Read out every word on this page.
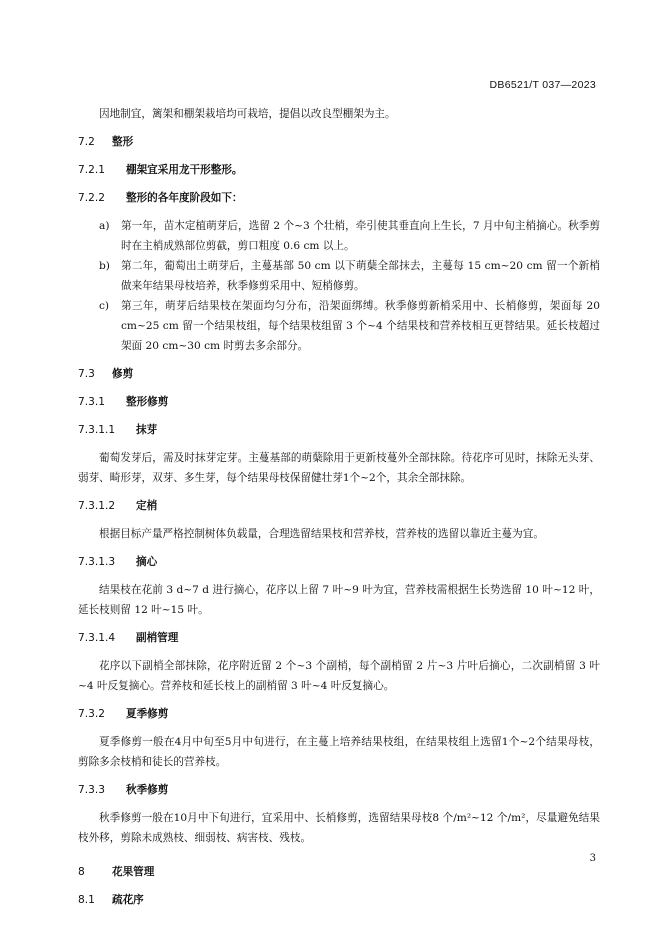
DB6521/T 037—2023

因地制宜，篱架和棚架栽培均可栽培，提倡以改良型棚架为主。

7.2	整形
7.2.1	棚架宜采用龙干形整形。
7.2.2	整形的各年度阶段如下：
a)	第一年，苗木定植萌芽后，选留 2 个~3 个壮梢，牵引使其垂直向上生长，7 月中旬主梢摘心。秋季剪时在主梢成熟部位剪截，剪口粗度 0.6 cm 以上。
b)	第二年，葡萄出土萌芽后，主蔓基部 50 cm 以下萌蘖全部抹去，主蔓每 15 cm~20 cm 留一个新梢做来年结果母枝培养，秋季修剪采用中、短梢修剪。
c)	第三年，萌芽后结果枝在架面均匀分布，沿架面绑缚。秋季修剪新梢采用中、长梢修剪，架面每 20 cm~25 cm 留一个结果枝组，每个结果枝组留 3 个~4 个结果枝和营养枝相互更替结果。延长枝超过架面 20 cm~30 cm 时剪去多余部分。
7.3	修剪
7.3.1	整形修剪
7.3.1.1	抹芽

葡萄发芽后，需及时抹芽定芽。主蔓基部的萌蘖除用于更新枝蔓外全部抹除。待花序可见时，抹除无头芽、弱芽、畸形芽，双芽、多生芽，每个结果母枝保留健壮芽1个~2个，其余全部抹除。

7.3.1.2	定梢

根据目标产量严格控制树体负载量，合理选留结果枝和营养枝，营养枝的选留以靠近主蔓为宜。

7.3.1.3	摘心

结果枝在花前 3 d~7 d 进行摘心，花序以上留 7 叶~9 叶为宜，营养枝需根据生长势选留 10 叶~12 叶，延长枝则留 12 叶~15 叶。

7.3.1.4	副梢管理

花序以下副梢全部抹除，花序附近留 2 个~3 个副梢，每个副梢留 2 片~3 片叶后摘心，二次副梢留 3 叶~4 叶反复摘心。营养枝和延长枝上的副梢留 3 叶~4 叶反复摘心。

7.3.2	夏季修剪

夏季修剪一般在4月中旬至5月中旬进行，在主蔓上培养结果枝组，在结果枝组上选留1个~2个结果母枝，剪除多余枝梢和徒长的营养枝。

7.3.3	秋季修剪

秋季修剪一般在10月中下旬进行，宜采用中、长梢修剪，选留结果母枝8 个/m²~12 个/m²，尽量避免结果枝外移，剪除未成熟枝、细弱枝、病害枝、残枝。

8	花果管理
8.1	疏花序
3
